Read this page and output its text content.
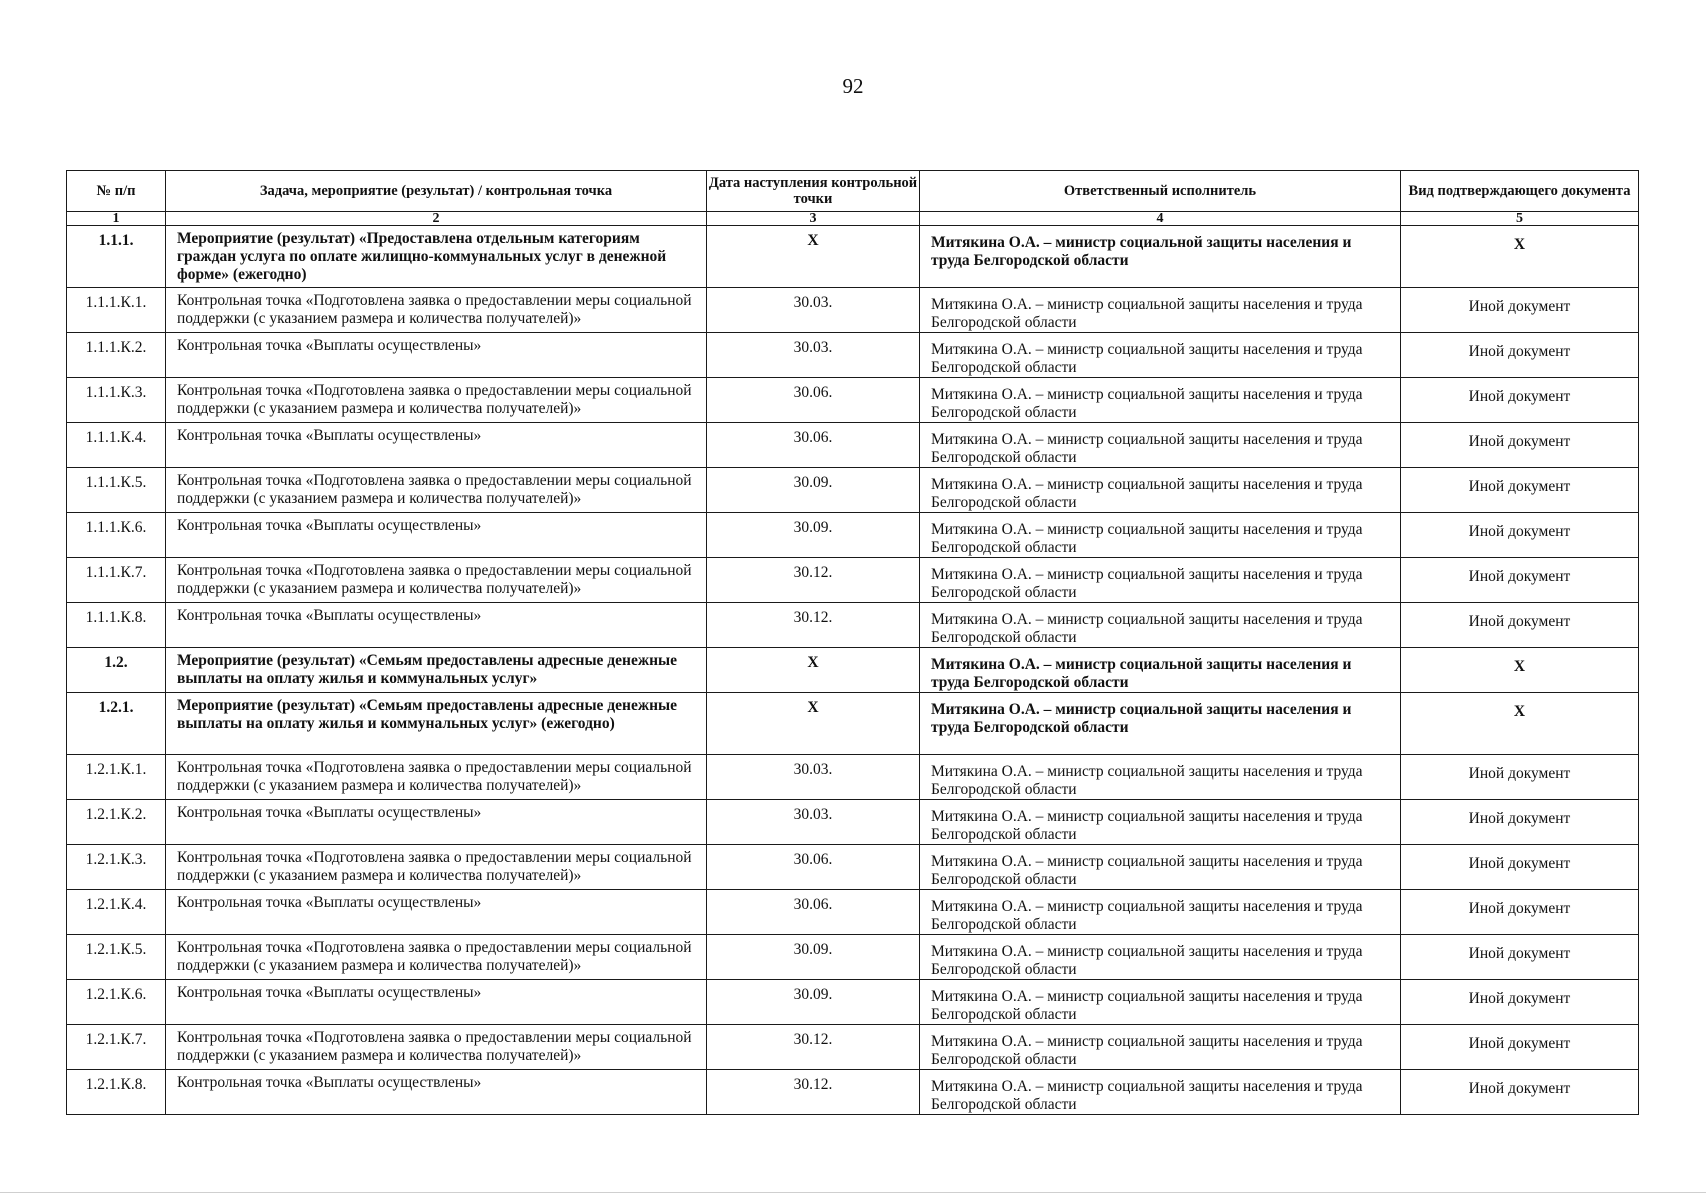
92
№ п/п	Задача, мероприятие (результат) / контрольная точка	Дата наступления контрольной точки	Ответственный исполнитель	Вид подтверждающего документа
1	2	3	4	5
1.1.1.	Мероприятие (результат) «Предоставлена отдельным категориям граждан услуга по оплате жилищно-коммунальных услуг в денежной форме» (ежегодно)	Х	Митякина О.А. – министр социальной защиты населения и труда Белгородской области	Х
1.1.1.К.1.	Контрольная точка «Подготовлена заявка о предоставлении меры социальной поддержки (с указанием размера и количества получателей)»	30.03.	Митякина О.А. – министр социальной защиты населения и труда Белгородской области	Иной документ
1.1.1.К.2.	Контрольная точка «Выплаты осуществлены»	30.03.	Митякина О.А. – министр социальной защиты населения и труда Белгородской области	Иной документ
1.1.1.К.3.	Контрольная точка «Подготовлена заявка о предоставлении меры социальной поддержки (с указанием размера и количества получателей)»	30.06.	Митякина О.А. – министр социальной защиты населения и труда Белгородской области	Иной документ
1.1.1.К.4.	Контрольная точка «Выплаты осуществлены»	30.06.	Митякина О.А. – министр социальной защиты населения и труда Белгородской области	Иной документ
1.1.1.К.5.	Контрольная точка «Подготовлена заявка о предоставлении меры социальной поддержки (с указанием размера и количества получателей)»	30.09.	Митякина О.А. – министр социальной защиты населения и труда Белгородской области	Иной документ
1.1.1.К.6.	Контрольная точка «Выплаты осуществлены»	30.09.	Митякина О.А. – министр социальной защиты населения и труда Белгородской области	Иной документ
1.1.1.К.7.	Контрольная точка «Подготовлена заявка о предоставлении меры социальной поддержки (с указанием размера и количества получателей)»	30.12.	Митякина О.А. – министр социальной защиты населения и труда Белгородской области	Иной документ
1.1.1.К.8.	Контрольная точка «Выплаты осуществлены»	30.12.	Митякина О.А. – министр социальной защиты населения и труда Белгородской области	Иной документ
1.2.	Мероприятие (результат) «Семьям предоставлены адресные денежные выплаты на оплату жилья и коммунальных услуг»	Х	Митякина О.А. – министр социальной защиты населения и труда Белгородской области	Х
1.2.1.	Мероприятие (результат) «Семьям предоставлены адресные денежные выплаты на оплату жилья и коммунальных услуг» (ежегодно)	Х	Митякина О.А. – министр социальной защиты населения и труда Белгородской области	Х
1.2.1.К.1.	Контрольная точка «Подготовлена заявка о предоставлении меры социальной поддержки (с указанием размера и количества получателей)»	30.03.	Митякина О.А. – министр социальной защиты населения и труда Белгородской области	Иной документ
1.2.1.К.2.	Контрольная точка «Выплаты осуществлены»	30.03.	Митякина О.А. – министр социальной защиты населения и труда Белгородской области	Иной документ
1.2.1.К.3.	Контрольная точка «Подготовлена заявка о предоставлении меры социальной поддержки (с указанием размера и количества получателей)»	30.06.	Митякина О.А. – министр социальной защиты населения и труда Белгородской области	Иной документ
1.2.1.К.4.	Контрольная точка «Выплаты осуществлены»	30.06.	Митякина О.А. – министр социальной защиты населения и труда Белгородской области	Иной документ
1.2.1.К.5.	Контрольная точка «Подготовлена заявка о предоставлении меры социальной поддержки (с указанием размера и количества получателей)»	30.09.	Митякина О.А. – министр социальной защиты населения и труда Белгородской области	Иной документ
1.2.1.К.6.	Контрольная точка «Выплаты осуществлены»	30.09.	Митякина О.А. – министр социальной защиты населения и труда Белгородской области	Иной документ
1.2.1.К.7.	Контрольная точка «Подготовлена заявка о предоставлении меры социальной поддержки (с указанием размера и количества получателей)»	30.12.	Митякина О.А. – министр социальной защиты населения и труда Белгородской области	Иной документ
1.2.1.К.8.	Контрольная точка «Выплаты осуществлены»	30.12.	Митякина О.А. – министр социальной защиты населения и труда Белгородской области	Иной документ
